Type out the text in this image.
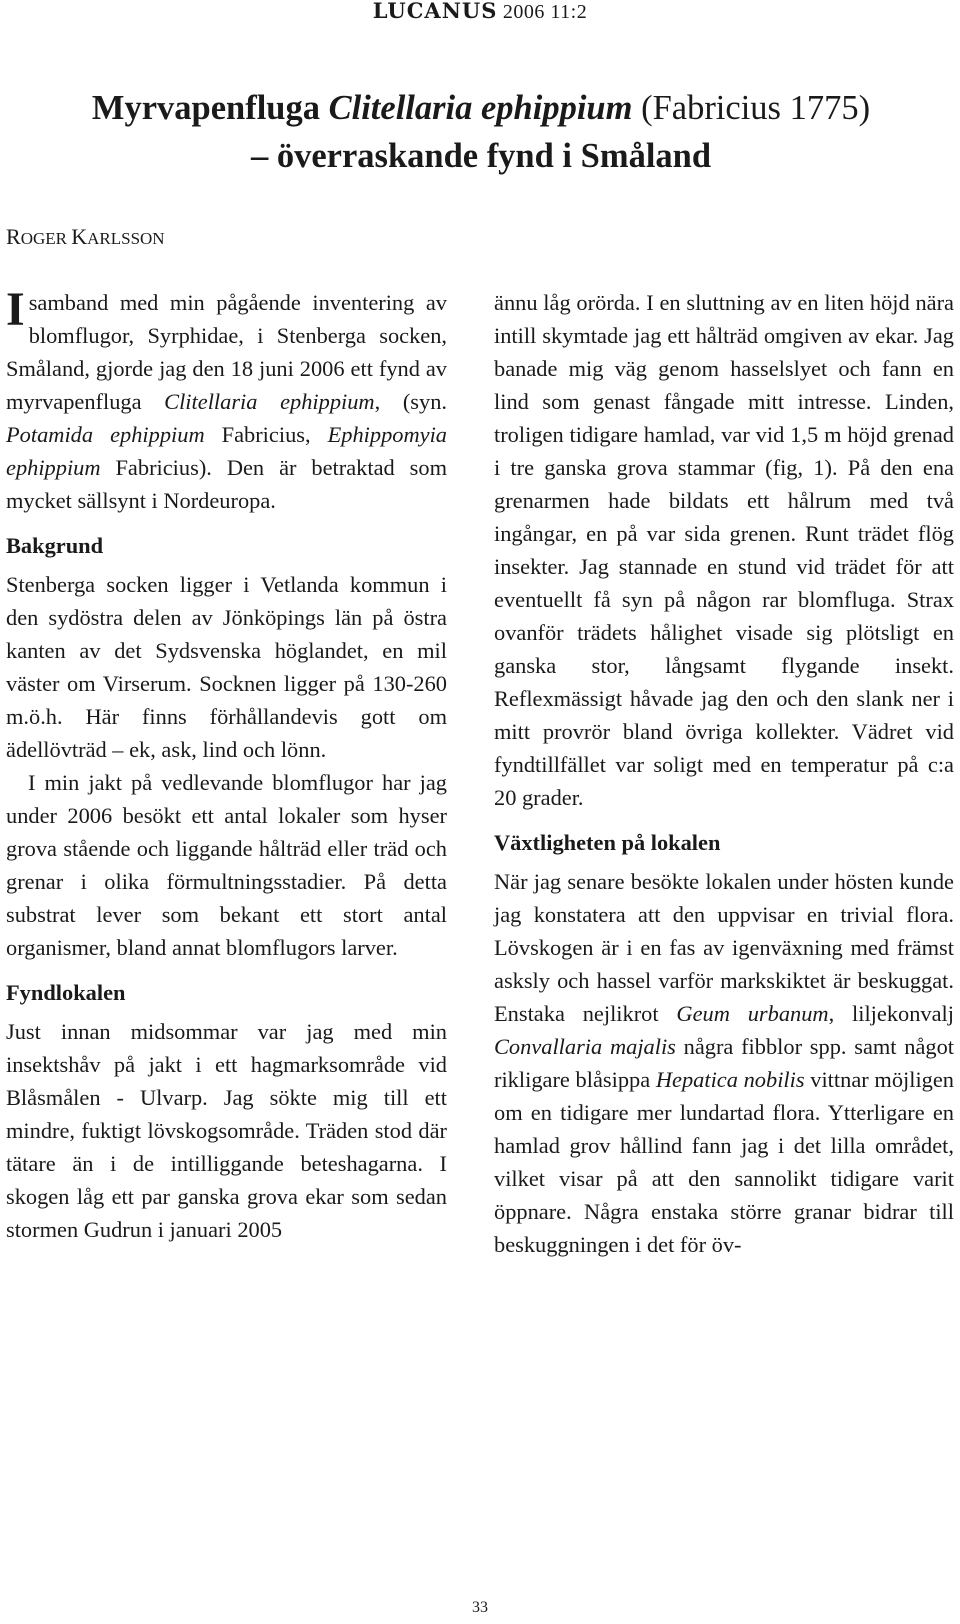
LUCANUS 2006 11:2
Myrvapenfluga Clitellaria ephippium (Fabricius 1775)
– överraskande fynd i Småland
ROGER KARLSSON

I samband med min pågående inventering av blomflugor, Syrphidae, i Stenberga socken, Småland, gjorde jag den 18 juni 2006 ett fynd av myrvapenfluga Clitellaria ephippium, (syn. Potamida ephippium Fabricius, Ephippomyia ephippium Fabricius). Den är betraktad som mycket sällsynt i Nordeuropa.

Bakgrund

Stenberga socken ligger i Vetlanda kommun i den sydöstra delen av Jönköpings län på östra kanten av det Sydsvenska höglandet, en mil väster om Virserum. Socknen ligger på 130-260 m.ö.h. Här finns förhållandevis gott om ädellövträd – ek, ask, lind och lönn.

I min jakt på vedlevande blomflugor har jag under 2006 besökt ett antal lokaler som hyser grova stående och liggande hålträd eller träd och grenar i olika förmultningsstadier. På detta substrat lever som bekant ett stort antal organismer, bland annat blomflugors larver.

Fyndlokalen

Just innan midsommar var jag med min insektshåv på jakt i ett hagmarksområde vid Blåsmålen - Ulvarp. Jag sökte mig till ett mindre, fuktigt lövskogsområde. Träden stod där tätare än i de intilliggande beteshagarna. I skogen låg ett par ganska grova ekar som sedan stormen Gudrun i januari 2005

ännu låg orörda. I en sluttning av en liten höjd nära intill skymtade jag ett hålträd omgiven av ekar. Jag banade mig väg genom hasselslyet och fann en lind som genast fångade mitt intresse. Linden, troligen tidigare hamlad, var vid 1,5 m höjd grenad i tre ganska grova stammar (fig, 1). På den ena grenarmen hade bildats ett hålrum med två ingångar, en på var sida grenen. Runt trädet flög insekter. Jag stannade en stund vid trädet för att eventuellt få syn på någon rar blomfluga. Strax ovanför trädets hålighet visade sig plötsligt en ganska stor, långsamt flygande insekt. Reflexmässigt håvade jag den och den slank ner i mitt provrör bland övriga kollekter. Vädret vid fyndtillfället var soligt med en temperatur på c:a 20 grader.

Växtligheten på lokalen

När jag senare besökte lokalen under hösten kunde jag konstatera att den uppvisar en trivial flora. Lövskogen är i en fas av igenväxning med främst asksly och hassel varför markskiktet är beskuggat. Enstaka nejlikrot Geum urbanum, liljekonvalj Convallaria majalis några fibblor spp. samt något rikligare blåsippa Hepatica nobilis vittnar möjligen om en tidigare mer lundartad flora. Ytterligare en hamlad grov hållind fann jag i det lilla området, vilket visar på att den sannolikt tidigare varit öppnare. Några enstaka större granar bidrar till beskuggningen i det för öv-

33
